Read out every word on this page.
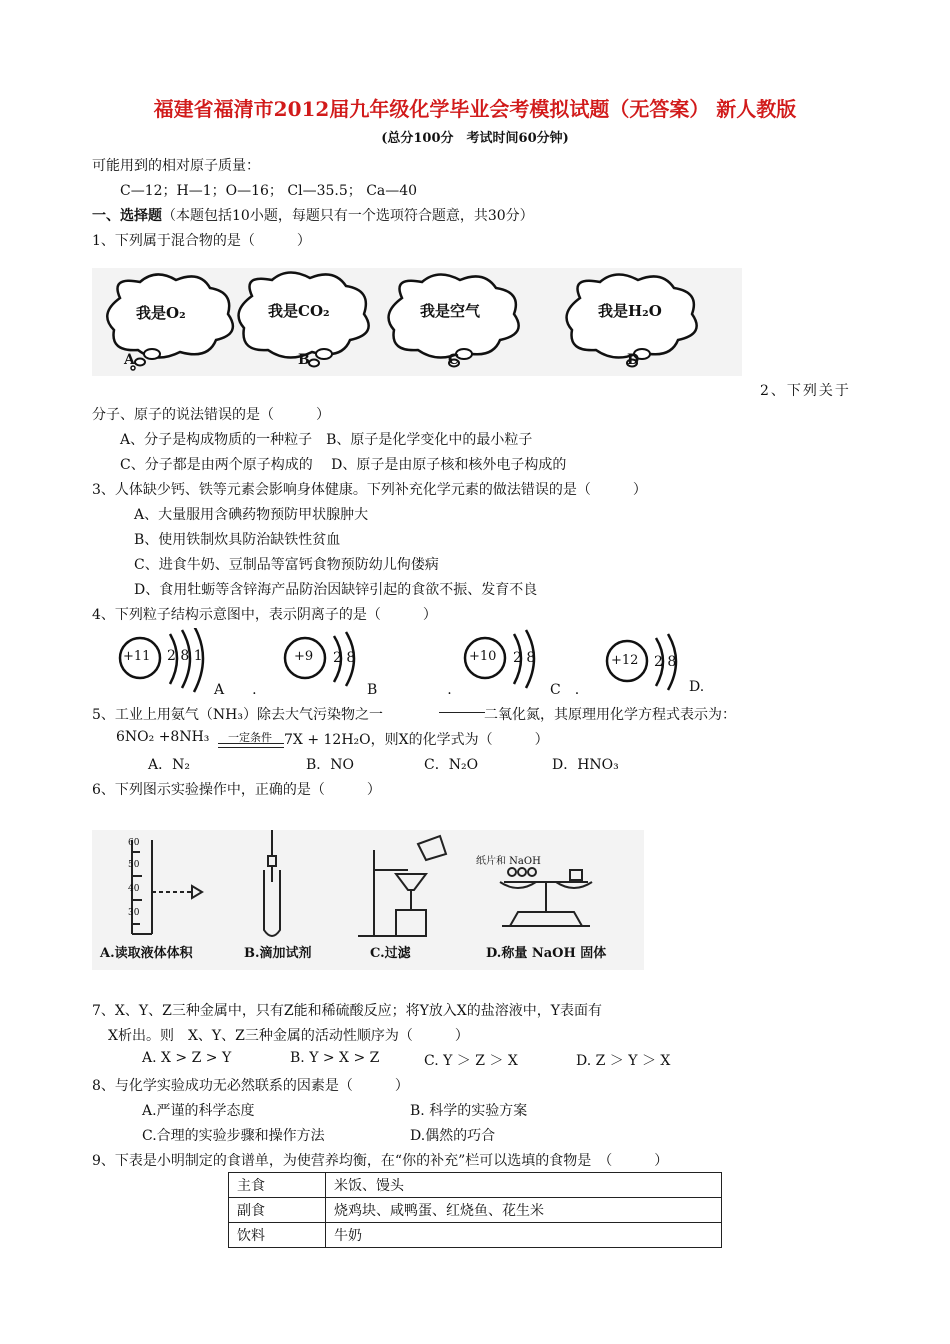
福建省福清市2012届九年级化学毕业会考模拟试题（无答案） 新人教版
(总分100分　考试时间60分钟)
可能用到的相对原子质量：
C—12；H—1；O—16； Cl—35.5； Ca—40
一、选择题（本题包括10小题，每题只有一个选项符合题意，共30分）
1、下列属于混合物的是（　　　）
我是O₂	我是CO₂	我是空气	我是H₂O
A	B	C	D
2、下列关于
分子、原子的说法错误的是（　　　）
A、分子是构成物质的一种粒子　B、原子是化学变化中的最小粒子
C、分子都是由两个原子构成的　 D、原子是由原子核和核外电子构成的
3、人体缺少钙、铁等元素会影响身体健康。下列补充化学元素的做法错误的是（　　　）
A、大量服用含碘药物预防甲状腺肿大
B、使用铁制炊具防治缺铁性贫血
C、进食牛奶、豆制品等富钙食物预防幼儿佝偻病
D、食用牡蛎等含锌海产品防治因缺锌引起的食欲不振、发育不良
4、下列粒子结构示意图中，表示阴离子的是（　　　）
+11 2 8 1	+9 2 8	+10 2 8	+12 2 8
A　　.	B　　　　　.	C　.	D.
5、工业上用氨气（NH₃）除去大气污染物之一	二氧化氮，其原理用化学方程式表示为：
6NO₂ +8NH₃ 一定条件 7X + 12H₂O，则X的化学式为（　　　）
A．N₂	B．NO	C．N₂O	D．HNO₃
6、下列图示实验操作中，正确的是（　　　）
60
50
40
30
纸片和 NaOH
A.读取液体体积	B.滴加试剂	C.过滤	D.称量 NaOH 固体
7、X、Y、Z三种金属中，只有Z能和稀硫酸反应；将Y放入X的盐溶液中，Y表面有
X析出。则　X、Y、Z三种金属的活动性顺序为（　　　）
A. X > Z > Y	B. Y > X > Z	C. Y ＞ Z ＞ X	D. Z ＞ Y ＞ X
8、与化学实验成功无必然联系的因素是（　　　）
A.严谨的科学态度	B. 科学的实验方案
C.合理的实验步骤和操作方法	D.偶然的巧合
9、下表是小明制定的食谱单，为使营养均衡，在“你的补充”栏可以选填的食物是　（　　　）
主食	米饭、馒头
副食	烧鸡块、咸鸭蛋、红烧鱼、花生米
饮料	牛奶
